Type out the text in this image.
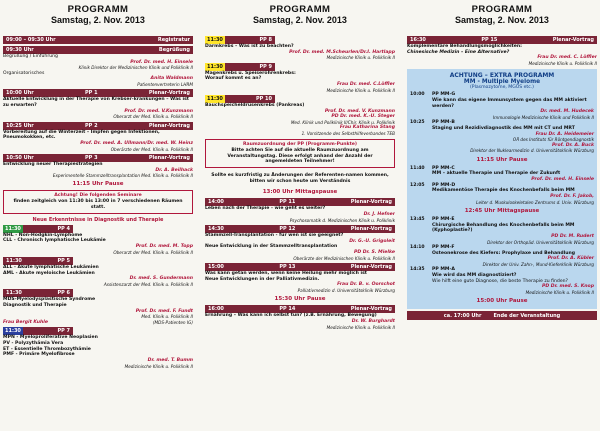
PROGRAMM
Samstag, 2. Nov. 2013
09:00 – 09:30 Uhr	Registratur
09:30 Uhr	Begrüßung
Begrüßung / Einführung
Prof. Dr. med. H. Einsele
Klinik Direktor der Medizinischen Klinik und Poliklinik II
Organisatorisches
Anita Waldmann
Patientenvertreterin LHRM
10:00 Uhr	PP 1	Plenar-Vortrag
Aktuelle Entwicklung in der Therapie von Krebser-krankungen – Was ist zu erwarten?
Prof. Dr. med. V.Kunzmann
Oberarzt der Med. Klinik u. Poliklinik II
10:25 Uhr	PP 2	Plenar-Vortrag
Vorbereitung auf die Winterzeit – Impfen gegen Infektionen, Pneumokokken, etc.
Prof. Dr. med. A. Ullmann/Dr. med. W. Heinz
Oberärzte der Med. Klinik u. Poliklinik II
10:50 Uhr	PP 3	Plenar-Vortrag
Entwicklung neuer Therapiestrategien
Dr. A. Beilhack
Experimentelle Stammzelltransplantation Med. Klinik u. Poliklinik II
11:15 Uhr Pause
Achtung! Die folgenden Seminare
finden zeitgleich von 11:30 bis 13:00 in 7 verschiedenen Räumen statt.
Neue Erkenntnisse in Diagnostik und Therapie
11:30	PP 4
NHL - Non-Hodgkin-Lymphome
CLL - Chronisch lymphatische Leukämie
Prof. Dr. med. M. Topp
Oberarzt der Med. Klinik u. Poliklinik II
11:30	PP 5
ALL - Akute lymphatische Leukämien
AML - Akute myeloische Leukämien
Dr. med. S. Gundermann
Assistenzarzt der Med. Klinik u. Poliklinik II
11:30	PP 6
MDS-Myelodysplastische Syndrome
Diagnostik und Therapie
Prof. Dr. med. F. Fundt
Med. Klinik u. Poliklinik II
Frau Bergit Kuhle	(MDS-Patienten IG)
11:30	PP 7
MPN - Myeloproliferative Neoplasien
PV - Polyzythämia Vera
ET - Essentielle Thrombozythämie
PMF - Primäre Myelofibrose
Dr. med. T. Bumm
Medizinische Klinik u. Poliklinik II
PROGRAMM
Samstag, 2. Nov. 2013
11:30	PP 8
Darmkrebs – Was ist zu beachten?
Prof. Dr. med. M.Scheurlen/Dr.I. Hartlapp
Medizinische Klinik u. Poliklinik II
11:30	PP 9
Magenkrebs u. Speiseröhrenkrebs:
Worauf kommt es an?
Frau Dr. med. C.Löffler
Medizinische Klinik u. Poliklinik II
11:30	PP 10
Bauchspeicheldrüsenkrebs (Pankreas)
Prof. Dr. med. V. Kunzmann
PD Dr. med. K.-U. Steger
Med. Klinik und Poliklinik II/Chir. Klinik u. Poliklinik
Frau Katharina Stang
1. Vorsitzende des Selbsthilfeverbandes TEB
Raumzuordnung der PP (Programm-Punkte)
Bitte achten Sie auf die aktuelle Raumzuordnung am Veranstaltungstag. Diese erfolgt anhand der Anzahl der angemeldeten Teilnehmer!
Sollte es kurzfristig zu Änderungen der Referenten-namen kommen, bitten wir schon heute um Verständnis
13:00 Uhr Mittagspause
14:00	PP 11	Plenar-Vortrag
Leben nach der Therapie - wie geht es weiter?
Dr. J. Hefner
Psychosomatik d. Medizinischen Klinik u. Poliklinik
14:30	PP 12	Plenar-Vortrag
Stammzell-Transplantation - für wen ist sie geeignet?
Dr. G.-U. Grigoleit
Neue Entwicklung in der Stammzelltransplantation
PD Dr. S. Mielke
Oberärzte der Medizinischen Klinik u. Poliklinik II
15:00	PP 13	Plenar-Vortrag
Was kann getan werden, wenn keine Heilung mehr möglich ist
Neue Entwicklungen in der Palliativmedizin.
Frau Dr. B. v. Oorschot
Palliativmedizin d. Universitätsklinik Würzburg
15:30 Uhr Pause
16:00	PP 14	Plenar-Vortrag
Ernährung – Was kann ich selbst tun? (z.B. Ernährung, Bewegung)
Dr. W. Burghardt
Medizinische Klinik u. Poliklinik II
PROGRAMM
Samstag, 2. Nov. 2013
16:30	PP 15	Plenar-Vortrag
Komplementäre Behandlungsmöglichkeiten:
Chinesische Medizin – Eine Alternative?
Frau Dr. med. C. Löffler
Medizinische Klinik u. Poliklinik II
ACHTUNG – EXTRA PROGRAMM
MM - Multiple Myelome
(Plasmozytome, MGUS etc.)
10:00	PP MM-G
Wie kann das eigene Immunsystem gegen das MM aktiviert werden?
Dr. med. M. Hudecek
Immunologie Medizinische Klinik und Poliklinik II
10:25	PP MM-B
Staging und Rezidivdiagnostik des MM mit CT und MRT
Frau Dr. A. Heidemeier
OÄ des Instituts für Röntgendiagnostik
Prof. Dr. A. Buck
Direktor der Nuklearmedizin d. Universitätsklinik Würzburg
11:15 Uhr Pause
11:40	PP MM-C
MM – aktuelle Therapie und Therapie der Zukunft
Prof. Dr. med. H. Einsele
12:05	PP MM-D
Medikamentöse Therapie des Knochenbefalls beim MM
Prof. Dr. F. Jakob,
Leiter d. Muskuloskeletalen Zentrums d. Univ. Würzburg
12:45 Uhr Mittagspause
13:45	PP MM-E
Chirurgische Behandlung des Knochenbefalls beim MM (Kyphoplastie?)
PD Dr. M. Rudert
Direktor der Orthopäd. Universitätsklinik Würzburg
14:10	PP MM-F
Osteonekrose des Kiefers: Prophylaxe und Behandlung
Prof. Dr. A. Kübler
Direktor der Univ. Zahn-, Mund-Kieferklinik Würzburg
14:35	PP MM-A
Wie wird das MM diagnostiziert?
Wie hilft eine gute Diagnose, die beste Therapie zu finden?
PD Dr. med. S. Knop
Medizinische Klinik u. Poliklinik II
15:00 Uhr Pause
ca. 17:00 Uhr Ende der Veranstaltung
